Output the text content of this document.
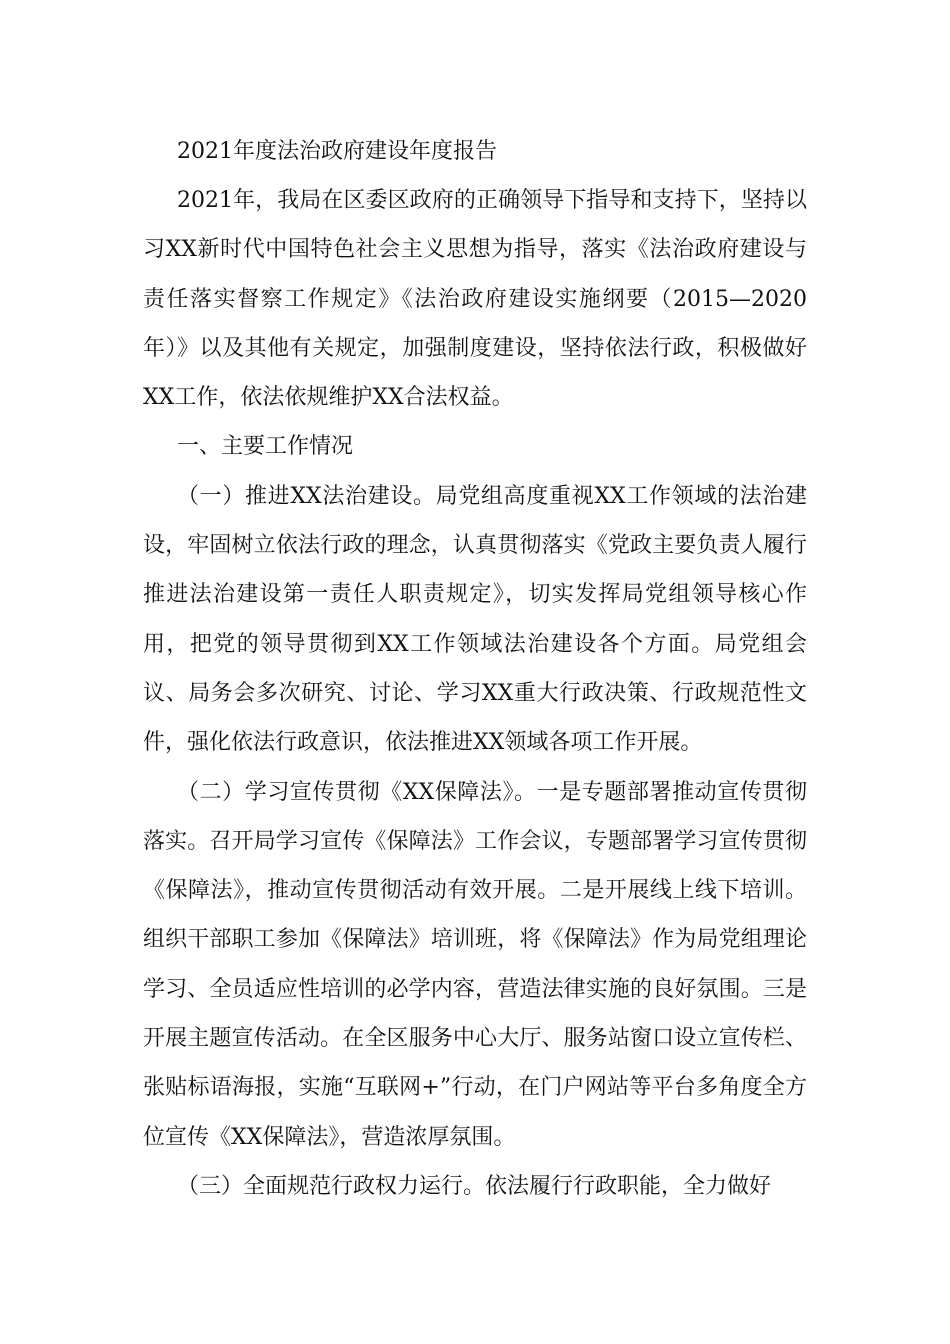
2021年度法治政府建设年度报告

2021年，我局在区委区政府的正确领导下指导和支持下，坚持以习XX新时代中国特色社会主义思想为指导，落实《法治政府建设与责任落实督察工作规定》《法治政府建设实施纲要（2015—2020年）》以及其他有关规定，加强制度建设，坚持依法行政，积极做好XX工作，依法依规维护XX合法权益。

一、主要工作情况

（一）推进XX法治建设。局党组高度重视XX工作领域的法治建设，牢固树立依法行政的理念，认真贯彻落实《党政主要负责人履行推进法治建设第一责任人职责规定》，切实发挥局党组领导核心作用，把党的领导贯彻到XX工作领域法治建设各个方面。局党组会议、局务会多次研究、讨论、学习XX重大行政决策、行政规范性文件，强化依法行政意识，依法推进XX领域各项工作开展。

（二）学习宣传贯彻《XX保障法》。一是专题部署推动宣传贯彻落实。召开局学习宣传《保障法》工作会议，专题部署学习宣传贯彻《保障法》，推动宣传贯彻活动有效开展。二是开展线上线下培训。组织干部职工参加《保障法》培训班，将《保障法》作为局党组理论学习、全员适应性培训的必学内容，营造法律实施的良好氛围。三是开展主题宣传活动。在全区服务中心大厅、服务站窗口设立宣传栏、张贴标语海报，实施“互联网+”行动，在门户网站等平台多角度全方位宣传《XX保障法》，营造浓厚氛围。

（三）全面规范行政权力运行。依法履行行政职能，全力做好
